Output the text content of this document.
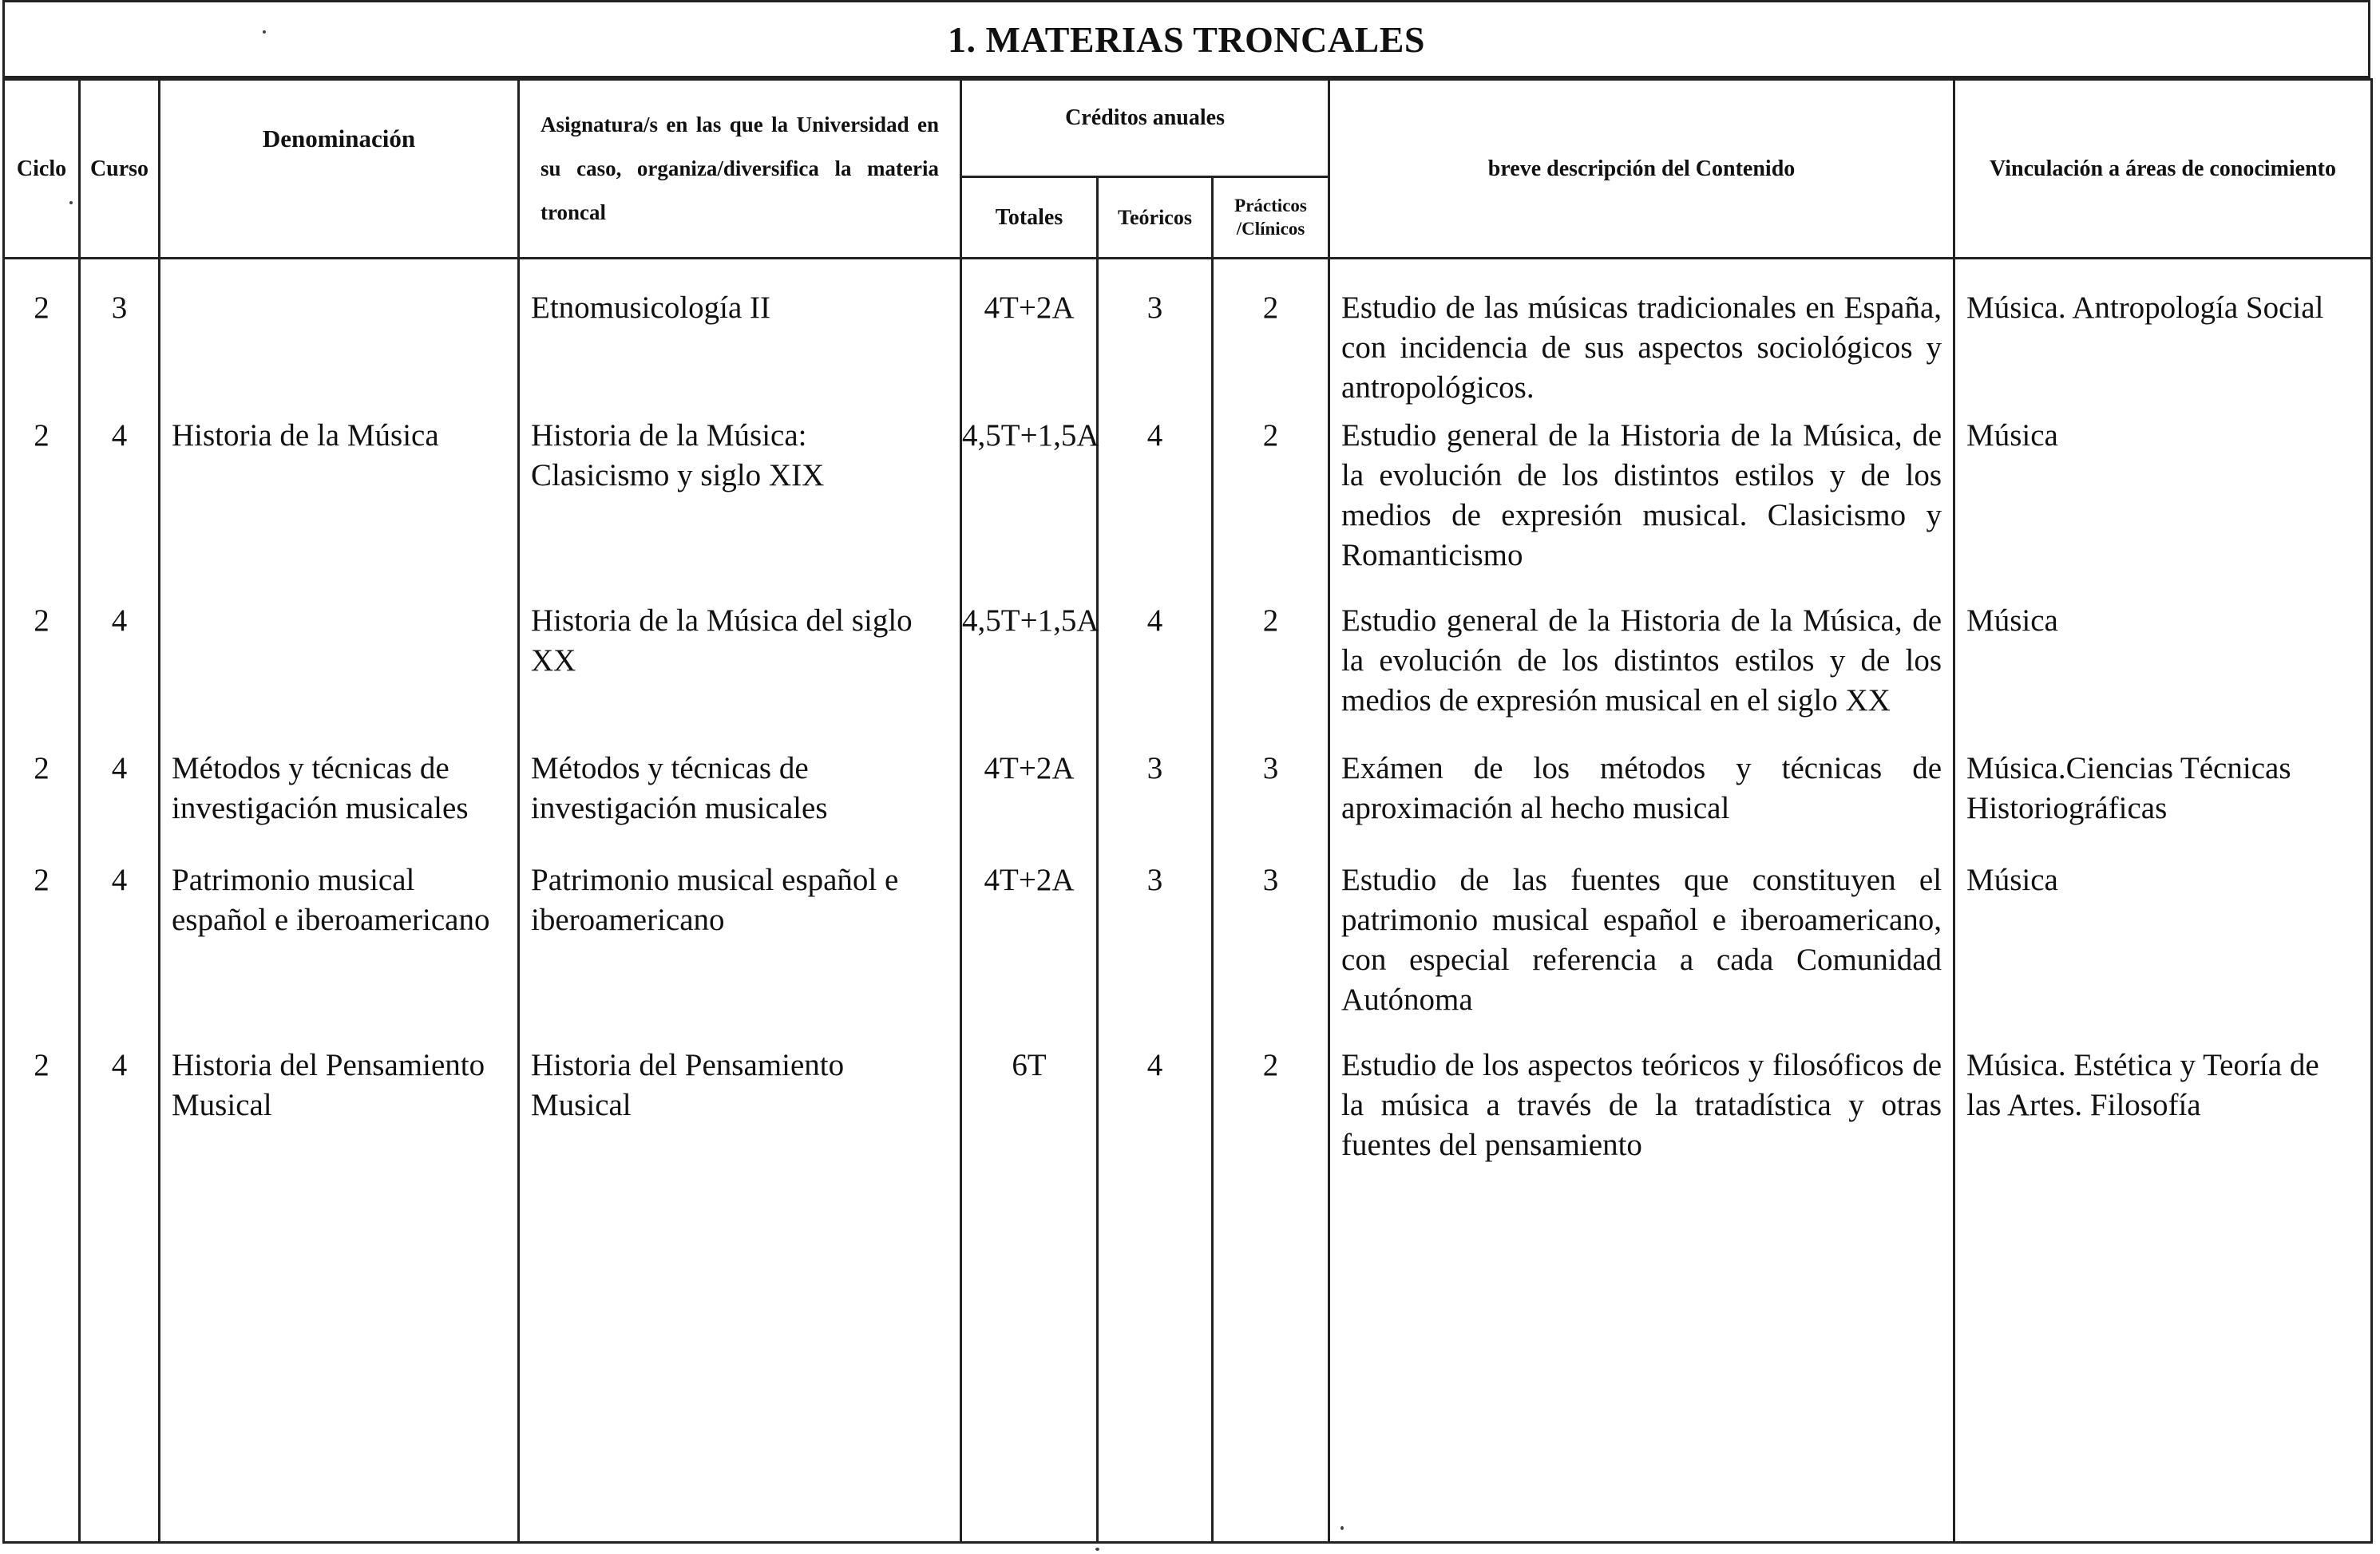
1. MATERIAS TRONCALES
Ciclo	Curso	Denominación	Asignatura/s en las que la Universidad en su caso, organiza/diversifica la materia troncal	Créditos anuales			breve descripción del Contenido	Vinculación a áreas de conocimiento
				Totales	Teóricos	Prácticos /Clínicos		
2	3		Etnomusicología II	4T+2A	3	2	Estudio de las músicas tradicionales en España, con incidencia de sus aspectos sociológicos y antropológicos.	Música. Antropología Social
2	4	Historia de la Música	Historia de la Música: Clasicismo y siglo XIX	4,5T+1,5A	4	2	Estudio general de la Historia de la Música, de la evolución de los distintos estilos y de los medios de expresión musical. Clasicismo y Romanticismo	Música
2	4		Historia de la Música del siglo XX	4,5T+1,5A	4	2	Estudio general de la Historia de la Música, de la evolución de los distintos estilos y de los medios de expresión musical en el siglo XX	Música
2	4	Métodos y técnicas de investigación musicales	Métodos y técnicas de investigación musicales	4T+2A	3	3	Exámen de los métodos y técnicas de aproximación al hecho musical	Música.Ciencias Técnicas Historiográficas
2	4	Patrimonio musical español e iberoamericano	Patrimonio musical español e iberoamericano	4T+2A	3	3	Estudio de las fuentes que constituyen el patrimonio musical español e iberoamericano, con especial referencia a cada Comunidad Autónoma	Música
2	4	Historia del Pensamiento Musical	Historia del Pensamiento Musical	6T	4	2	Estudio de los aspectos teóricos y filosóficos de la música a través de la tratadística y otras fuentes del pensamiento	Música. Estética y Teoría de las Artes. Filosofía
